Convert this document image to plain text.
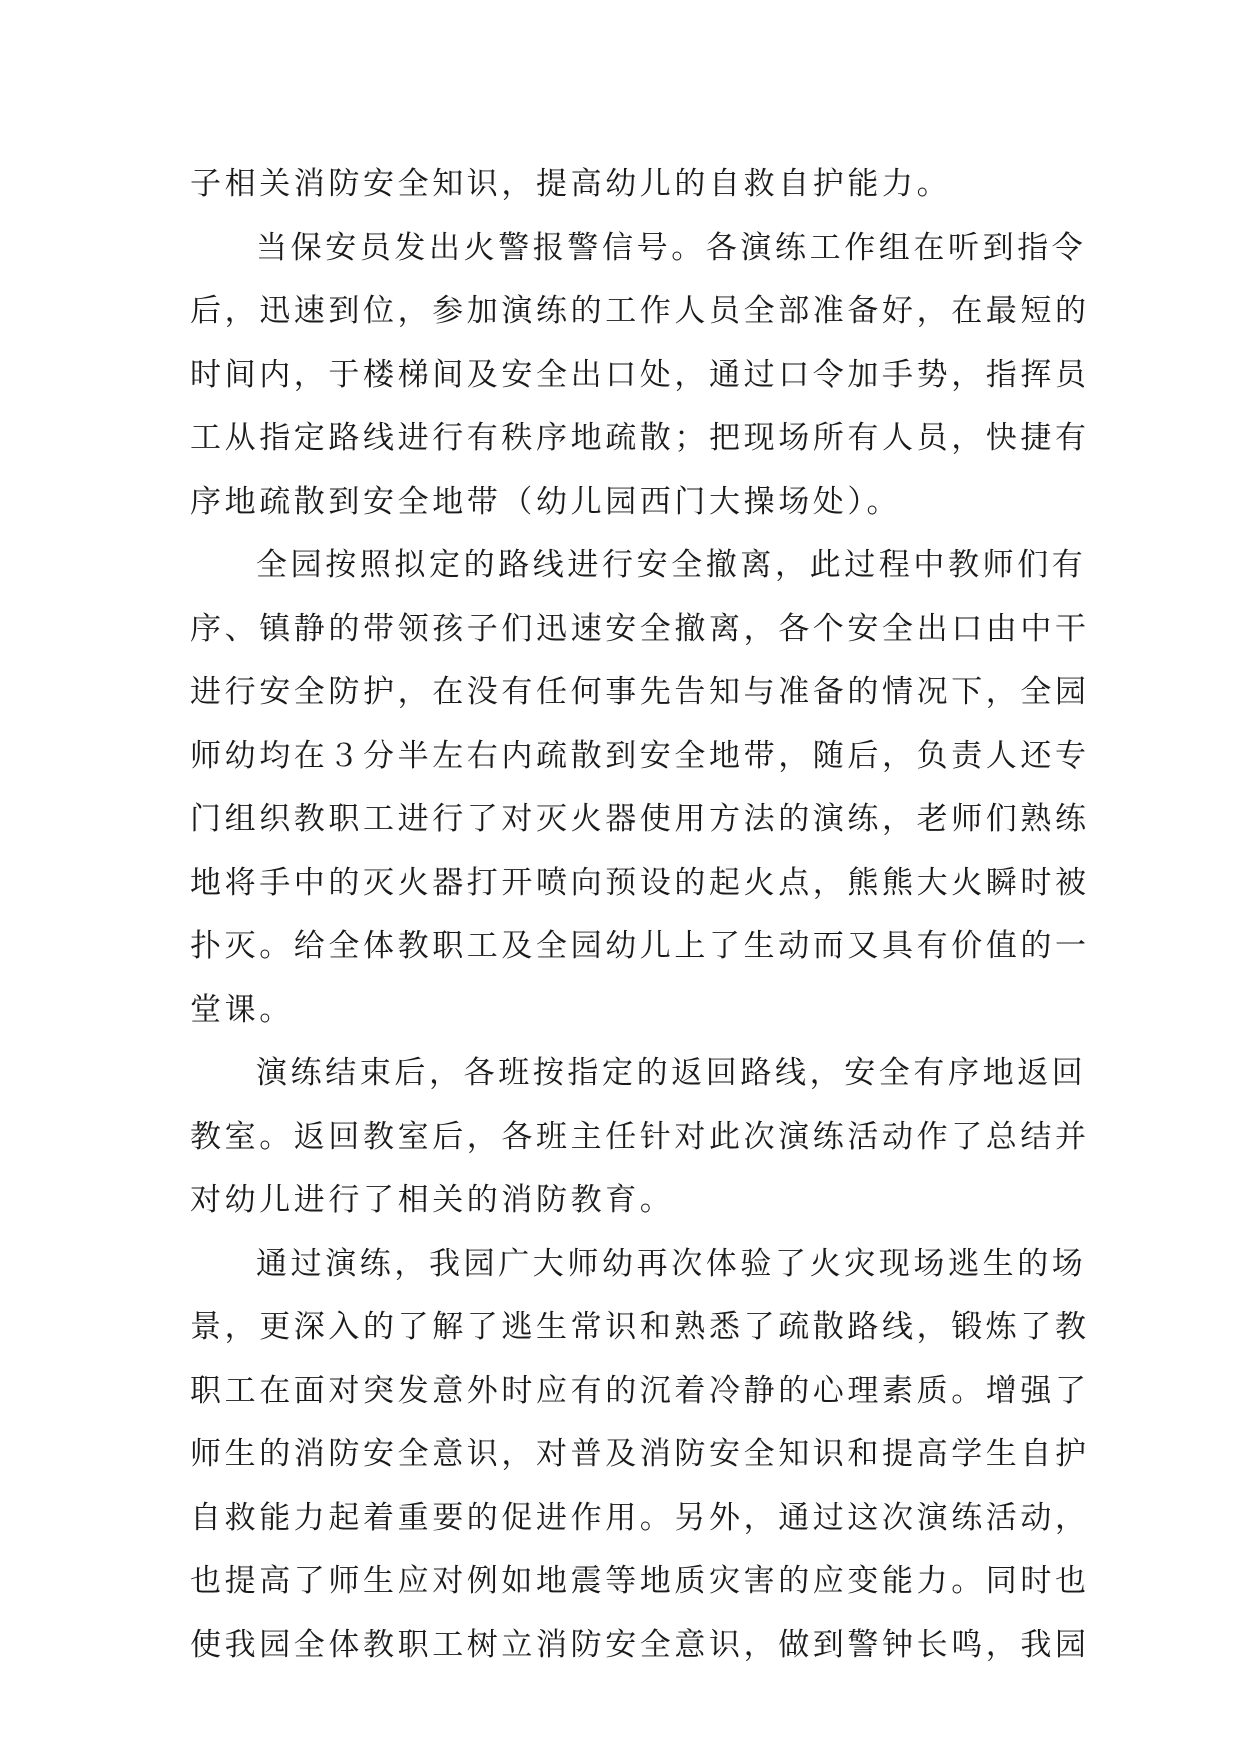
子相关消防安全知识，提高幼儿的自救自护能力。
当保安员发出火警报警信号。各演练工作组在听到指令
后，迅速到位，参加演练的工作人员全部准备好，在最短的
时间内，于楼梯间及安全出口处，通过口令加手势，指挥员
工从指定路线进行有秩序地疏散；把现场所有人员，快捷有
序地疏散到安全地带（幼儿园西门大操场处）。
全园按照拟定的路线进行安全撤离，此过程中教师们有
序、镇静的带领孩子们迅速安全撤离，各个安全出口由中干
进行安全防护，在没有任何事先告知与准备的情况下，全园
师幼均在３分半左右内疏散到安全地带，随后，负责人还专
门组织教职工进行了对灭火器使用方法的演练，老师们熟练
地将手中的灭火器打开喷向预设的起火点，熊熊大火瞬时被
扑灭。给全体教职工及全园幼儿上了生动而又具有价值的一
堂课。
演练结束后，各班按指定的返回路线，安全有序地返回
教室。返回教室后，各班主任针对此次演练活动作了总结并
对幼儿进行了相关的消防教育。
通过演练，我园广大师幼再次体验了火灾现场逃生的场
景，更深入的了解了逃生常识和熟悉了疏散路线，锻炼了教
职工在面对突发意外时应有的沉着冷静的心理素质。增强了
师生的消防安全意识，对普及消防安全知识和提高学生自护
自救能力起着重要的促进作用。另外，通过这次演练活动，
也提高了师生应对例如地震等地质灾害的应变能力。同时也
使我园全体教职工树立消防安全意识，做到警钟长鸣，我园
